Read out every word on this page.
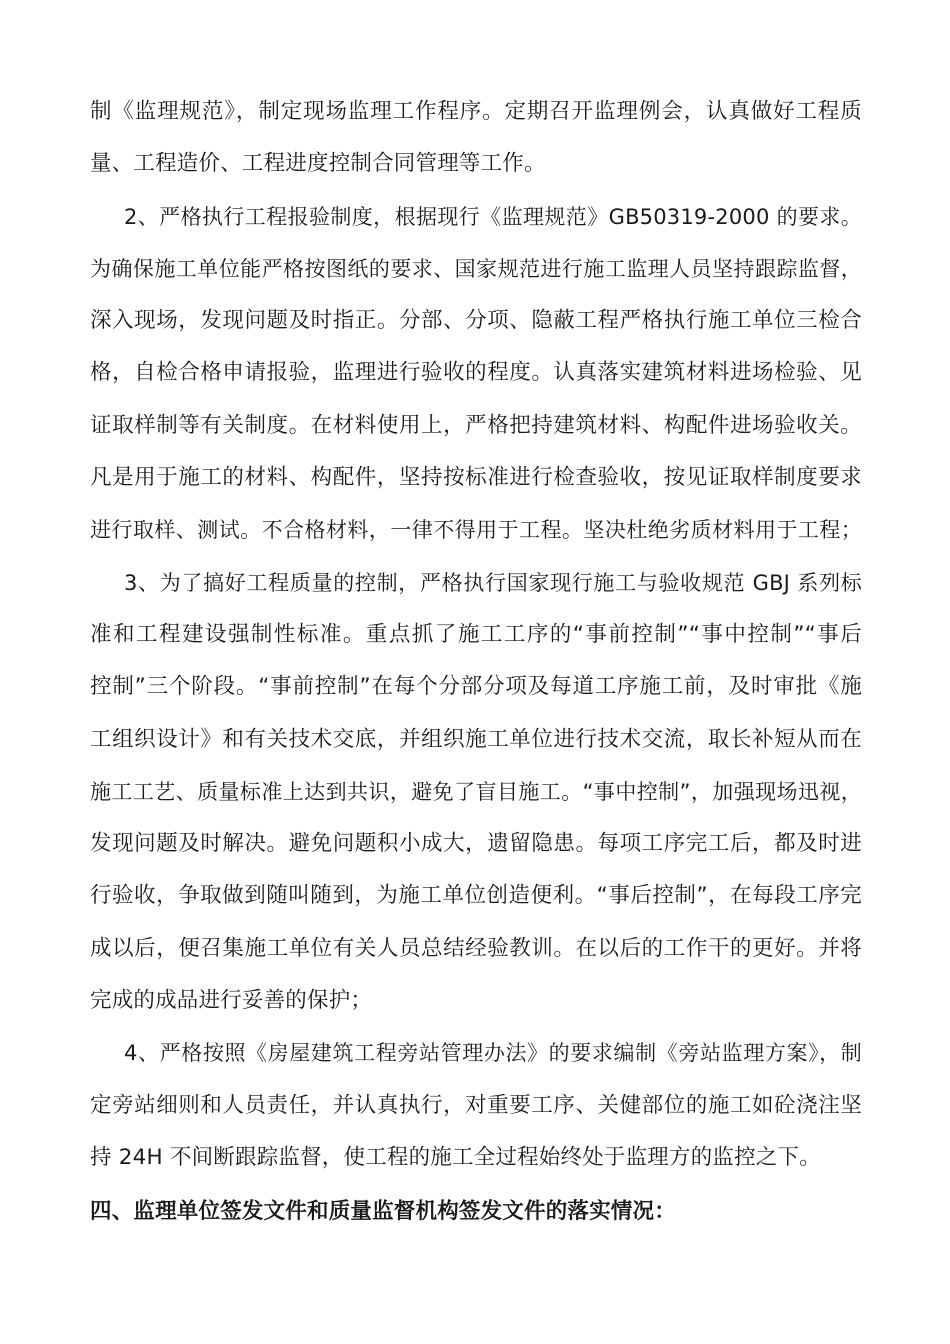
制《监理规范》，制定现场监理工作程序。定期召开监理例会，认真做好工程质
量、工程造价、工程进度控制合同管理等工作。
2、严格执行工程报验制度，根据现行《监理规范》GB50319-2000 的要求。
为确保施工单位能严格按图纸的要求、国家规范进行施工监理人员坚持跟踪监督，
深入现场，发现问题及时指正。分部、分项、隐蔽工程严格执行施工单位三检合
格，自检合格申请报验，监理进行验收的程度。认真落实建筑材料进场检验、见
证取样制等有关制度。在材料使用上，严格把持建筑材料、构配件进场验收关。
凡是用于施工的材料、构配件，坚持按标准进行检查验收，按见证取样制度要求
进行取样、测试。不合格材料，一律不得用于工程。坚决杜绝劣质材料用于工程；
3、为了搞好工程质量的控制，严格执行国家现行施工与验收规范 GBJ 系列标
准和工程建设强制性标准。重点抓了施工工序的“事前控制”“事中控制”“事后
控制”三个阶段。“事前控制”在每个分部分项及每道工序施工前，及时审批《施
工组织设计》和有关技术交底，并组织施工单位进行技术交流，取长补短从而在
施工工艺、质量标准上达到共识，避免了盲目施工。“事中控制”，加强现场迅视，
发现问题及时解决。避免问题积小成大，遗留隐患。每项工序完工后，都及时进
行验收，争取做到随叫随到，为施工单位创造便利。“事后控制”，在每段工序完
成以后，便召集施工单位有关人员总结经验教训。在以后的工作干的更好。并将
完成的成品进行妥善的保护；
4、严格按照《房屋建筑工程旁站管理办法》的要求编制《旁站监理方案》，制
定旁站细则和人员责任，并认真执行，对重要工序、关健部位的施工如砼浇注坚
持 24H 不间断跟踪监督，使工程的施工全过程始终处于监理方的监控之下。
四、监理单位签发文件和质量监督机构签发文件的落实情况：
